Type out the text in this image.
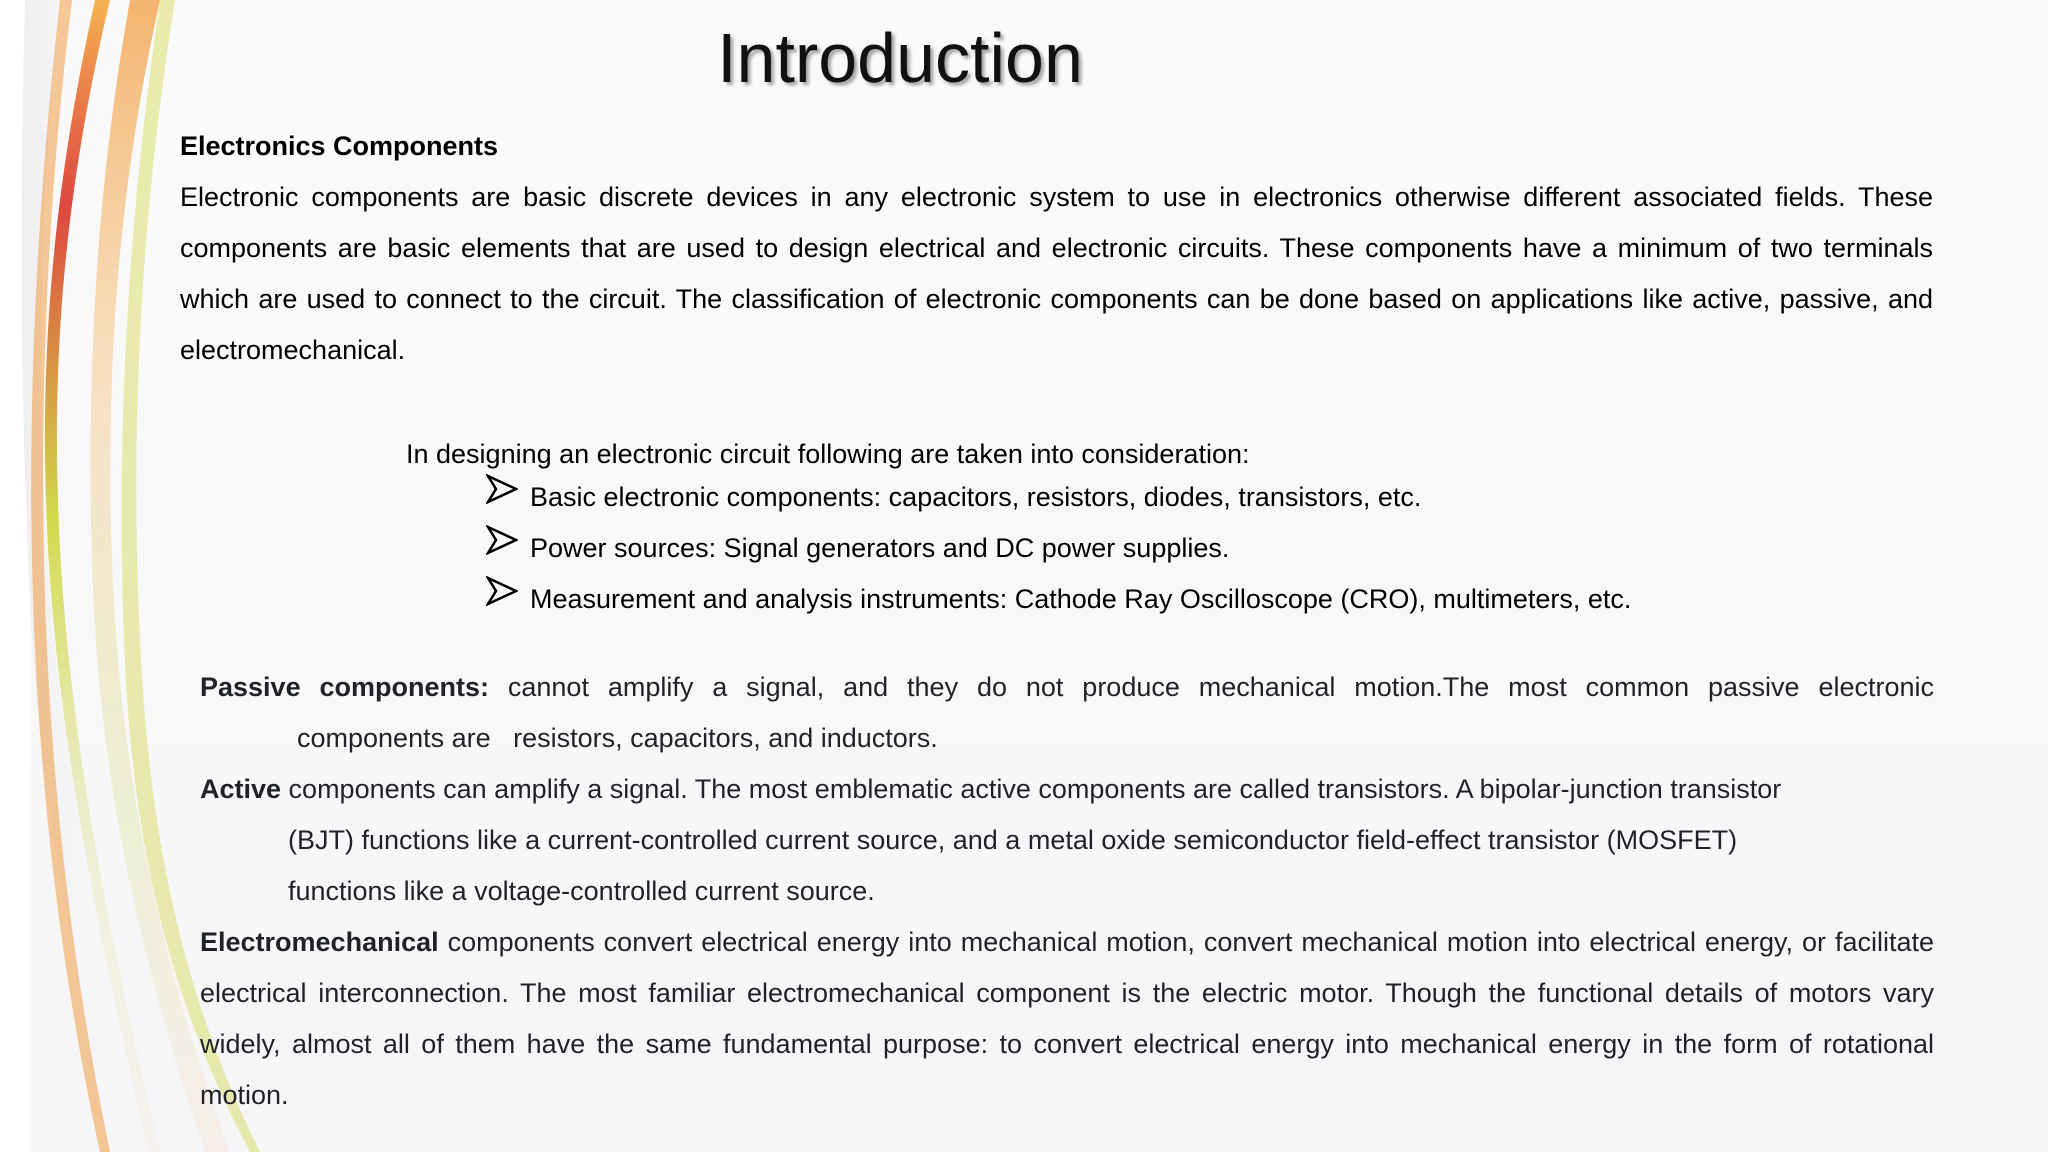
Introduction
Electronics Components
Electronic components are basic discrete devices in any electronic system to use in electronics otherwise different associated fields. These components are basic elements that are used to design electrical and electronic circuits. These components have a minimum of two terminals which are used to connect to the circuit. The classification of electronic components can be done based on applications like active, passive, and electromechanical.
In designing an electronic circuit following are taken into consideration:
Basic electronic components: capacitors, resistors, diodes, transistors, etc.
Power sources: Signal generators and DC power supplies.
Measurement and analysis instruments: Cathode Ray Oscilloscope (CRO), multimeters, etc.
Passive components: cannot amplify a signal, and they do not produce mechanical motion.The most common passive electronic
components are   resistors, capacitors, and inductors.
Active components can amplify a signal. The most emblematic active components are called transistors. A bipolar-junction transistor
(BJT) functions like a current-controlled current source, and a metal oxide semiconductor field-effect transistor (MOSFET)
functions like a voltage-controlled current source.
Electromechanical components convert electrical energy into mechanical motion, convert mechanical motion into electrical energy, or facilitate electrical interconnection. The most familiar electromechanical component is the electric motor. Though the functional details of motors vary widely, almost all of them have the same fundamental purpose: to convert electrical energy into mechanical energy in the form of rotational motion.
